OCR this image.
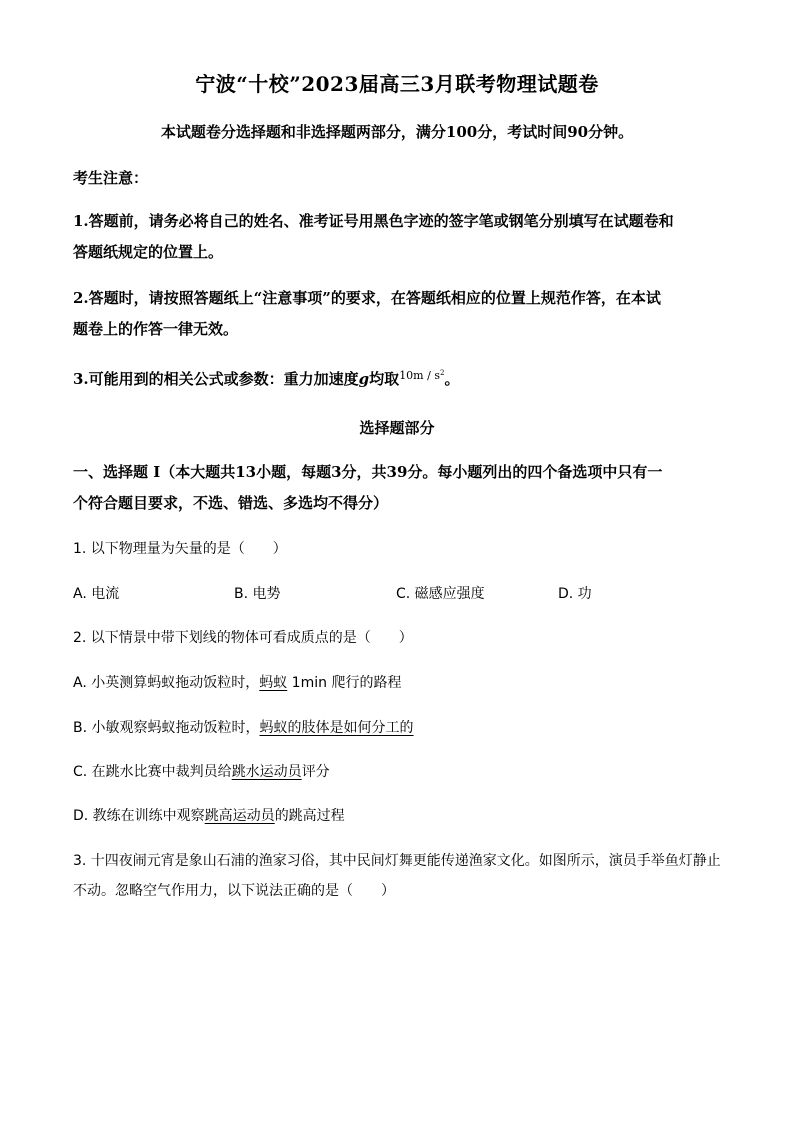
宁波“十校”2023届高三3月联考物理试题卷
本试题卷分选择题和非选择题两部分，满分100分，考试时间90分钟。
考生注意：
1.答题前，请务必将自己的姓名、准考证号用黑色字迹的签字笔或钢笔分别填写在试题卷和
答题纸规定的位置上。
2.答题时，请按照答题纸上“注意事项”的要求，在答题纸相应的位置上规范作答，在本试
题卷上的作答一律无效。
3.可能用到的相关公式或参数：重力加速度g均取$^{10m / s^2}$。
选择题部分
一、选择题 I（本大题共13小题，每题3分，共39分。每小题列出的四个备选项中只有一
个符合题目要求，不选、错选、多选均不得分）
1. 以下物理量为矢量的是（　　）
A. 电流	B. 电势	C. 磁感应强度	D. 功
2. 以下情景中带下划线的物体可看成质点的是（　　）
A. 小英测算蚂蚁拖动饭粒时，蚂蚁 1min 爬行的路程
B. 小敏观察蚂蚁拖动饭粒时，蚂蚁的肢体是如何分工的
C. 在跳水比赛中裁判员给跳水运动员评分
D. 教练在训练中观察跳高运动员的跳高过程
3. 十四夜闹元宵是象山石浦的渔家习俗，其中民间灯舞更能传递渔家文化。如图所示，演员手举鱼灯静止
不动。忽略空气作用力，以下说法正确的是（　　）
